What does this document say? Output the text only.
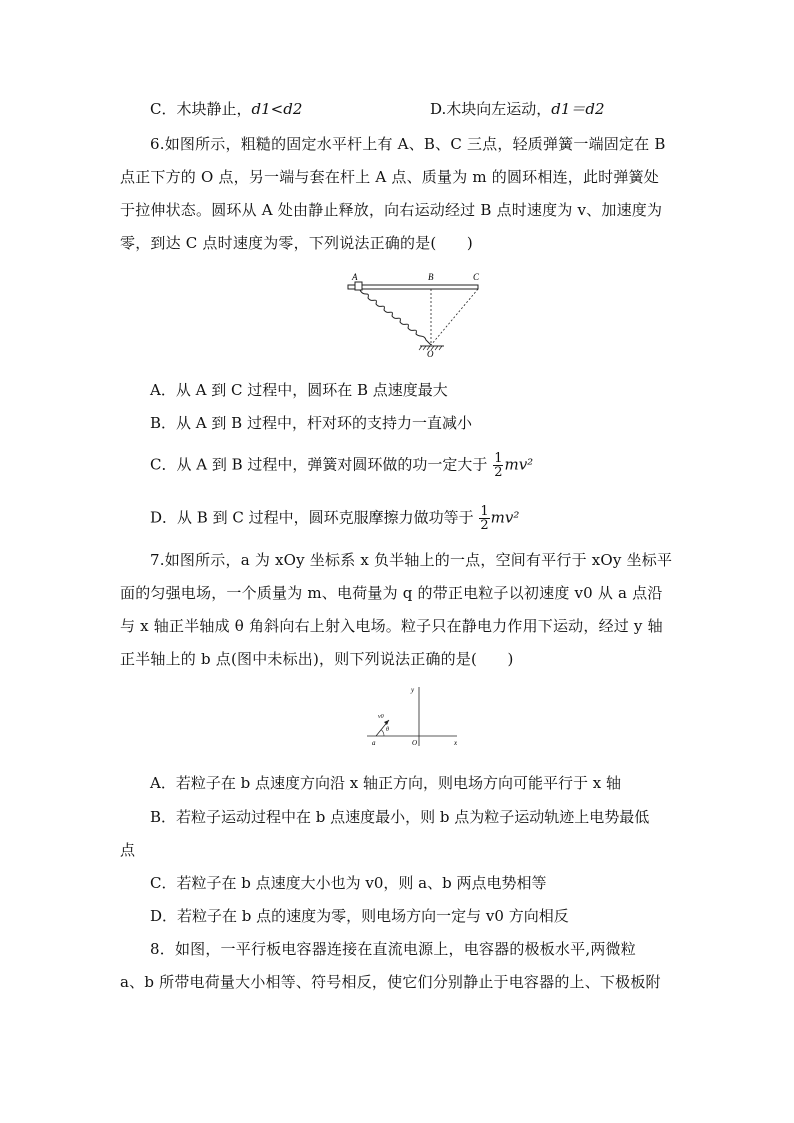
C．木块静止，d1<d2	D.木块向左运动，d1＝d2
6.如图所示，粗糙的固定水平杆上有 A、B、C 三点，轻质弹簧一端固定在 B
点正下方的 O 点，另一端与套在杆上 A 点、质量为 m 的圆环相连，此时弹簧处
于拉伸状态。圆环从 A 处由静止释放，向右运动经过 B 点时速度为 v、加速度为
零，到达 C 点时速度为零，下列说法正确的是(　　)
A	B	C
O
A．从 A 到 C 过程中，圆环在 B 点速度最大
B．从 A 到 B 过程中，杆对环的支持力一直减小
C．从 A 到 B 过程中，弹簧对圆环做的功一定大于 $\frac{1}{2} mv^2$
D．从 B 到 C 过程中，圆环克服摩擦力做功等于 $\frac{1}{2} mv^2$
7.如图所示，a 为 xOy 坐标系 x 负半轴上的一点，空间有平行于 xOy 坐标平
面的匀强电场，一个质量为 m、电荷量为 q 的带正电粒子以初速度 v0 从 a 点沿
与 x 轴正半轴成 θ 角斜向右上射入电场。粒子只在静电力作用下运动，经过 y 轴
正半轴上的 b 点(图中未标出)，则下列说法正确的是(　　)
y
x
O
a
v0
θ
A．若粒子在 b 点速度方向沿 x 轴正方向，则电场方向可能平行于 x 轴
B．若粒子运动过程中在 b 点速度最小，则 b 点为粒子运动轨迹上电势最低
点
C．若粒子在 b 点速度大小也为 v0，则 a、b 两点电势相等
D．若粒子在 b 点的速度为零，则电场方向一定与 v0 方向相反
8．如图，一平行板电容器连接在直流电源上，电容器的极板水平,两微粒
a、b 所带电荷量大小相等、符号相反，使它们分别静止于电容器的上、下极板附
